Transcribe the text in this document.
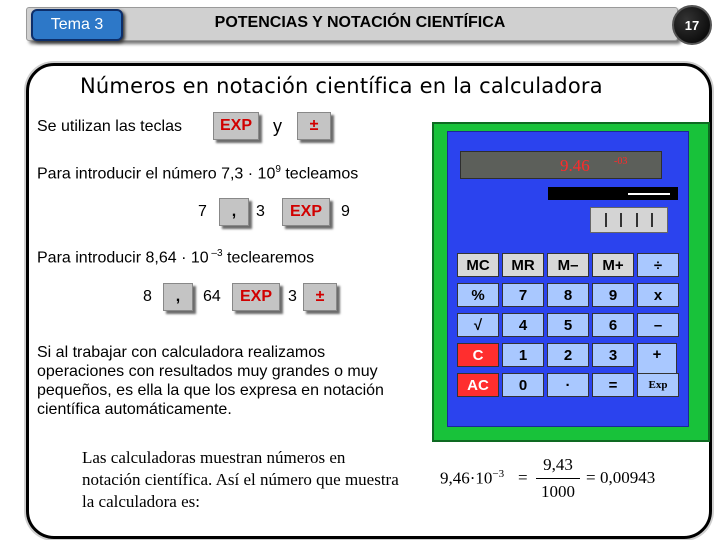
Tema 3	POTENCIAS Y NOTACIÓN CIENTÍFICA	17
Números en notación científica en la calculadora
Se utilizan las teclas	EXP	y	±
Para introducir el número $7,3 \cdot 10^9$ tecleamos
7	,	3	EXP	9
Para introducir 8,64 · 10 $^{-3}$ teclearemos
8	,	64	EXP	3	±
Si al trabajar con calculadora realizamos operaciones con resultados muy grandes o muy pequeños, es ella la que los expresa en notación científica automáticamente.
Las calculadoras muestran números en notación científica. Así el número que muestra la calculadora es:
9.46 -03
MC	MR	M–	M+	÷
%	7	8	9	x
√	4	5	6	–
C	1	2	3	+
AC	0	·	=	Exp
$9,46\cdot 10^{-3}$ =
9,43
1000
= 0,00943
